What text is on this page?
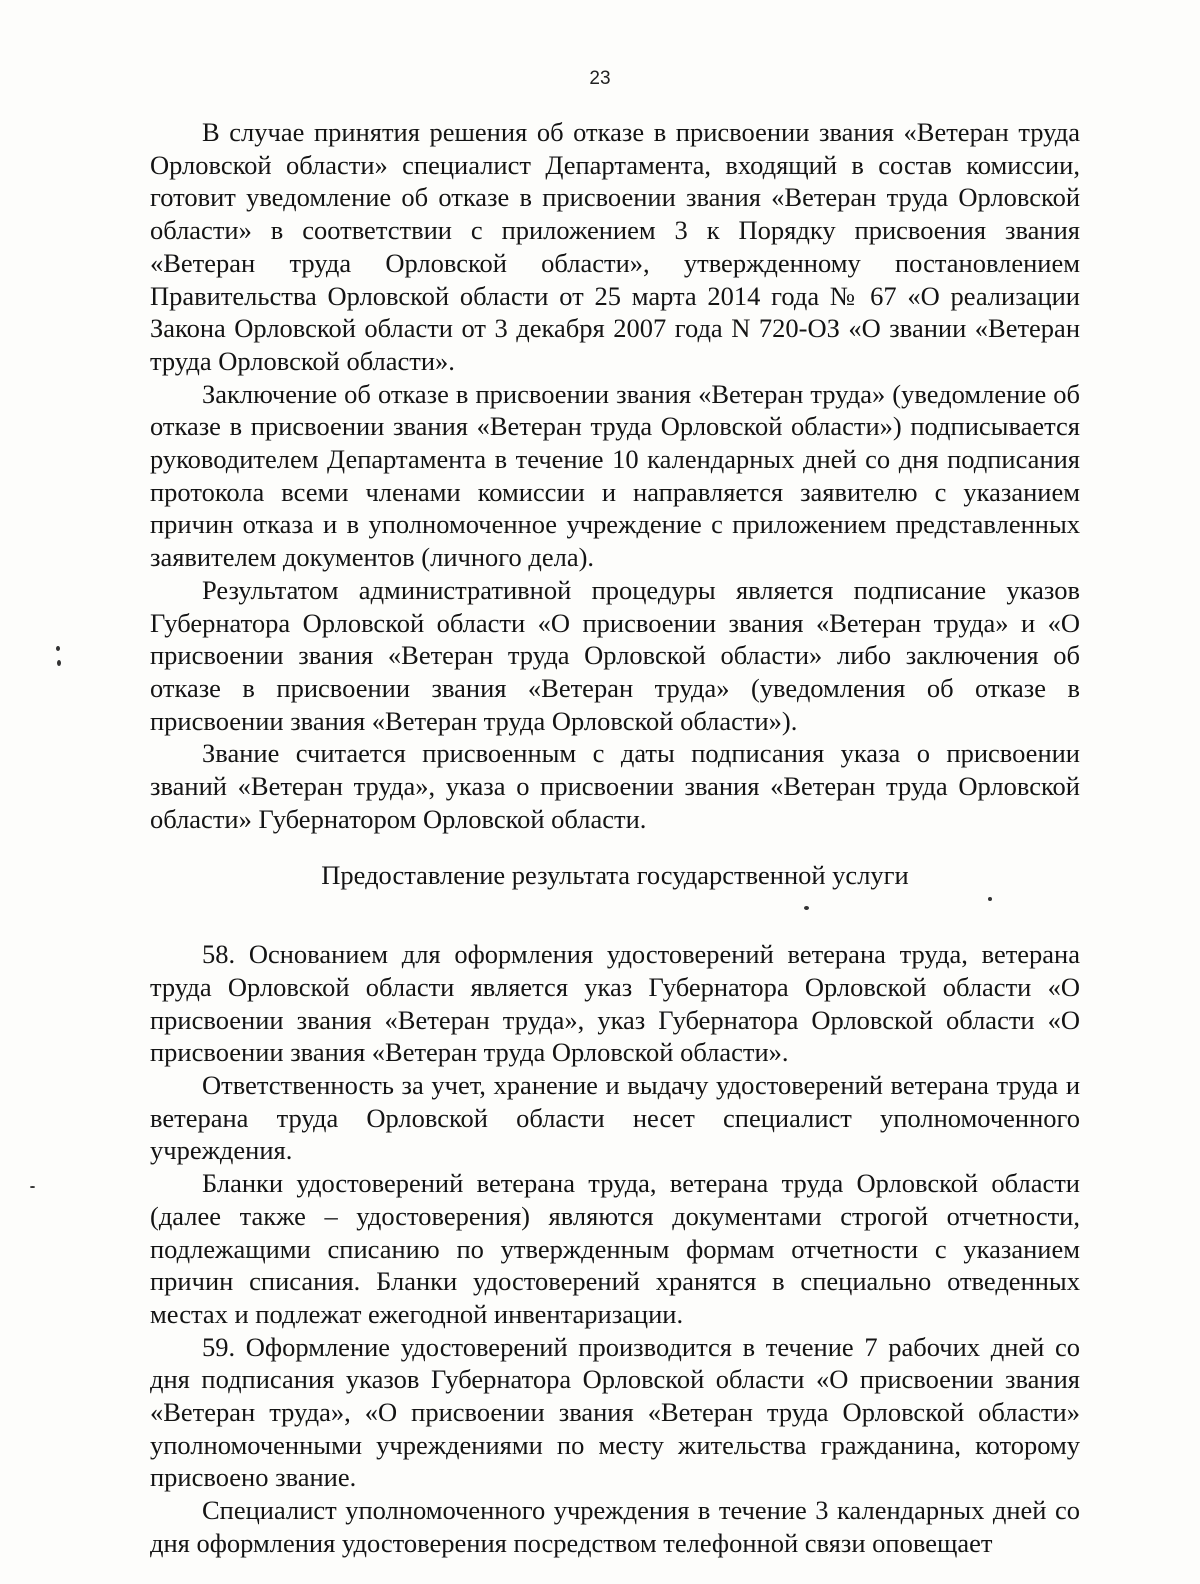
23

В случае принятия решения об отказе в присвоении звания «Ветеран труда Орловской области» специалист Департамента, входящий в состав комиссии, готовит уведомление об отказе в присвоении звания «Ветеран труда Орловской области» в соответствии с приложением 3 к Порядку присвоения звания «Ветеран труда Орловской области», утвержденному постановлением Правительства Орловской области от 25 марта 2014 года № 67 «О реализации Закона Орловской области от 3 декабря 2007 года N 720-ОЗ «О звании «Ветеран труда Орловской области».

Заключение об отказе в присвоении звания «Ветеран труда» (уведомление об отказе в присвоении звания «Ветеран труда Орловской области») подписывается руководителем Департамента в течение 10 календарных дней со дня подписания протокола всеми членами комиссии и направляется заявителю с указанием причин отказа и в уполномоченное учреждение с приложением представленных заявителем документов (личного дела).

Результатом административной процедуры является подписание указов Губернатора Орловской области «О присвоении звания «Ветеран труда» и «О присвоении звания «Ветеран труда Орловской области» либо заключения об отказе в присвоении звания «Ветеран труда» (уведомления об отказе в присвоении звания «Ветеран труда Орловской области»).

Звание считается присвоенным с даты подписания указа о присвоении званий «Ветеран труда», указа о присвоении звания «Ветеран труда Орловской области» Губернатором Орловской области.

Предоставление результата государственной услуги

58. Основанием для оформления удостоверений ветерана труда, ветерана труда Орловской области является указ Губернатора Орловской области «О присвоении звания «Ветеран труда», указ Губернатора Орловской области «О присвоении звания «Ветеран труда Орловской области».

Ответственность за учет, хранение и выдачу удостоверений ветерана труда и ветерана труда Орловской области несет специалист уполномоченного учреждения.

Бланки удостоверений ветерана труда, ветерана труда Орловской области (далее также – удостоверения) являются документами строгой отчетности, подлежащими списанию по утвержденным формам отчетности с указанием причин списания. Бланки удостоверений хранятся в специально отведенных местах и подлежат ежегодной инвентаризации.

59. Оформление удостоверений производится в течение 7 рабочих дней со дня подписания указов Губернатора Орловской области «О присвоении звания «Ветеран труда», «О присвоении звания «Ветеран труда Орловской области» уполномоченными учреждениями по месту жительства гражданина, которому присвоено звание.

Специалист уполномоченного учреждения в течение 3 календарных дней со дня оформления удостоверения посредством телефонной связи оповещает
